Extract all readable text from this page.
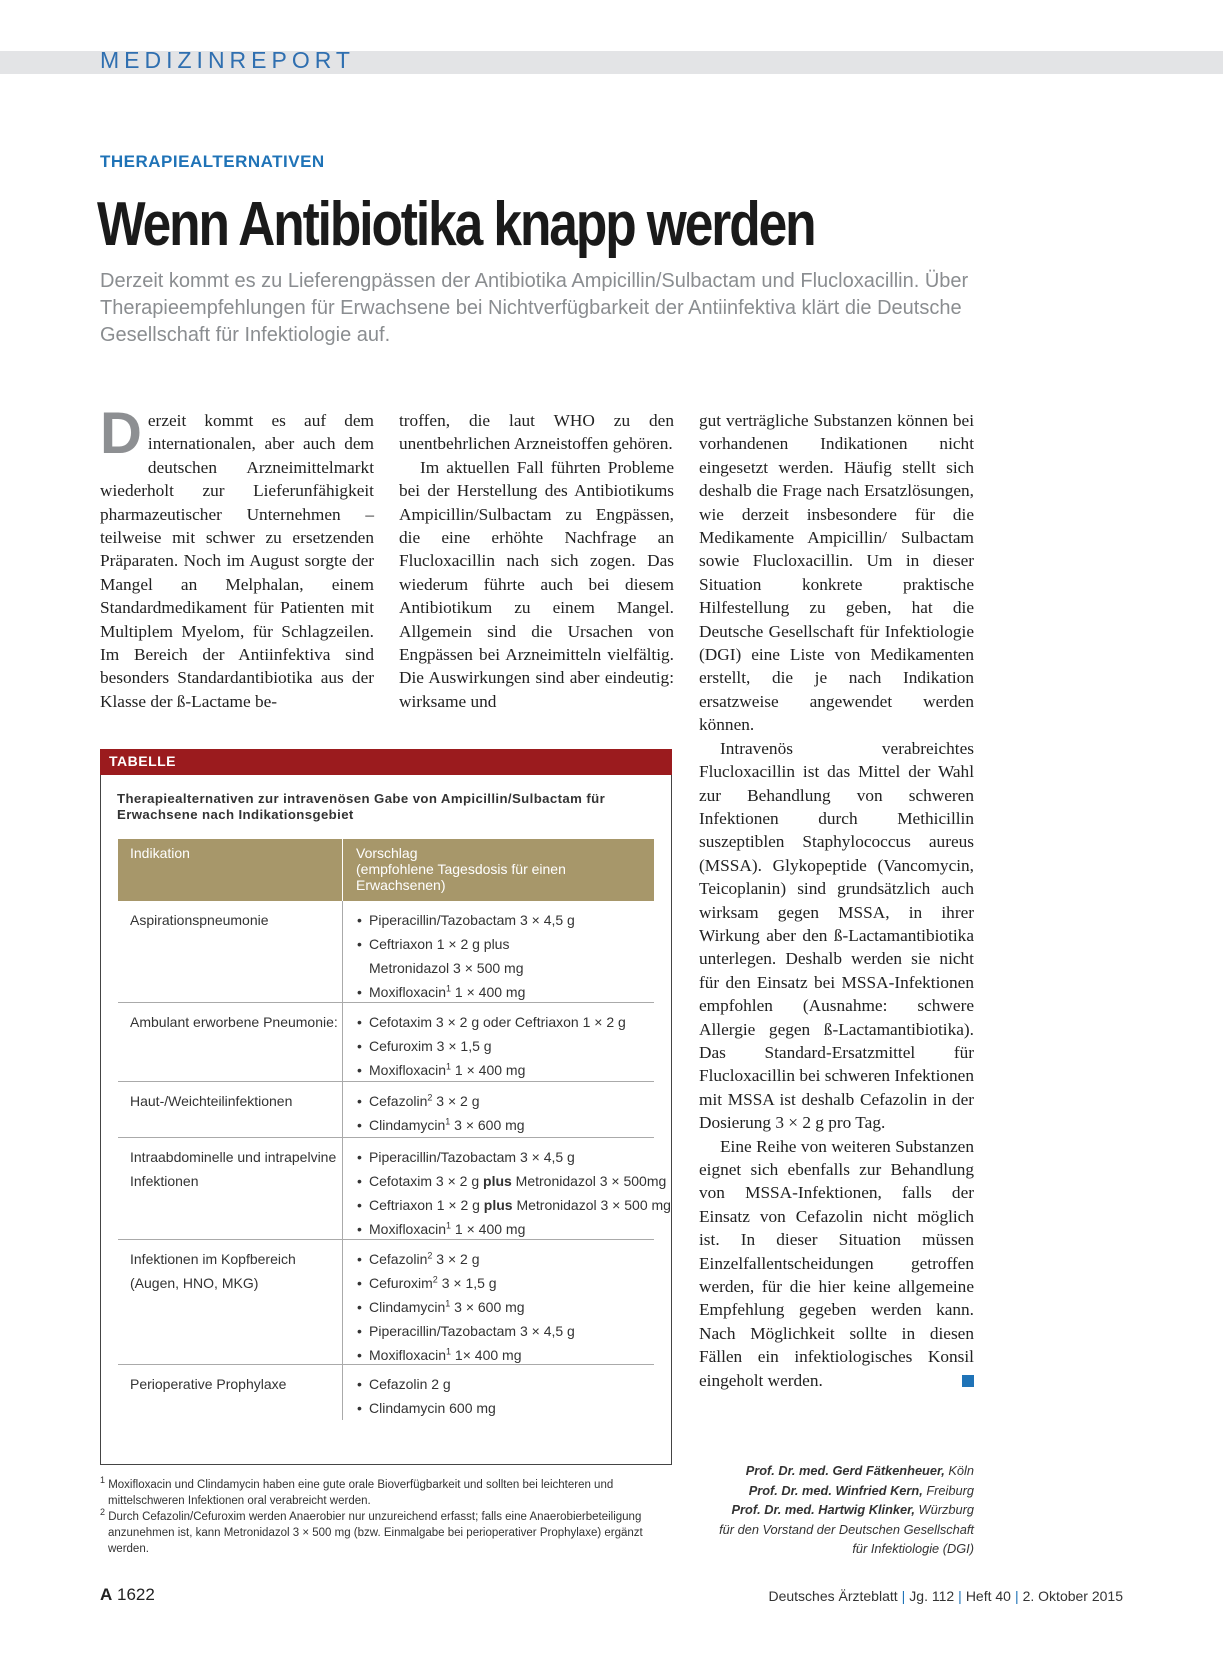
MEDIZINREPORT
THERAPIEALTERNATIVEN
Wenn Antibiotika knapp werden

Derzeit kommt es zu Lieferengpässen der Antibiotika Ampicillin/Sulbactam und Flucloxacillin. Über Therapieempfehlungen für Erwachsene bei Nichtverfügbarkeit der Antiinfektiva klärt die Deutsche Gesellschaft für Infektiologie auf.

Derzeit kommt es auf dem internationalen, aber auch dem deutschen Arzneimittelmarkt wiederholt zur Lieferunfähigkeit pharmazeutischer Unternehmen – teilweise mit schwer zu ersetzenden Präparaten. Noch im August sorgte der Mangel an Melphalan, einem Standardmedikament für Patienten mit Multiplem Myelom, für Schlagzeilen. Im Bereich der Antiinfektiva sind besonders Standardantibiotika aus der Klasse der ß-Lactame be-

troffen, die laut WHO zu den unentbehrlichen Arzneistoffen gehören.

Im aktuellen Fall führten Probleme bei der Herstellung des Antibiotikums Ampicillin/Sulbactam zu Engpässen, die eine erhöhte Nachfrage an Flucloxacillin nach sich zogen. Das wiederum führte auch bei diesem Antibiotikum zu einem Mangel. Allgemein sind die Ursachen von Engpässen bei Arzneimitteln vielfältig. Die Auswirkungen sind aber eindeutig: wirksame und

gut verträgliche Substanzen können bei vorhandenen Indikationen nicht eingesetzt werden. Häufig stellt sich deshalb die Frage nach Ersatzlösungen, wie derzeit insbesondere für die Medikamente Ampicillin/ Sulbactam sowie Flucloxacillin. Um in dieser Situation konkrete praktische Hilfestellung zu geben, hat die Deutsche Gesellschaft für Infektiologie (DGI) eine Liste von Medikamenten erstellt, die je nach Indikation ersatzweise angewendet werden können.

Intravenös verabreichtes Flucloxacillin ist das Mittel der Wahl zur Behandlung von schweren Infektionen durch Methicillin suszeptiblen Staphylococcus aureus (MSSA). Glykopeptide (Vancomycin, Teicoplanin) sind grundsätzlich auch wirksam gegen MSSA, in ihrer Wirkung aber den ß-Lactamantibiotika unterlegen. Deshalb werden sie nicht für den Einsatz bei MSSA-Infektionen empfohlen (Ausnahme: schwere Allergie gegen ß-Lactamantibiotika). Das Standard-Ersatzmittel für Flucloxacillin bei schweren Infektionen mit MSSA ist deshalb Cefazolin in der Dosierung 3 × 2 g pro Tag.

Eine Reihe von weiteren Substanzen eignet sich ebenfalls zur Behandlung von MSSA-Infektionen, falls der Einsatz von Cefazolin nicht möglich ist. In dieser Situation müssen Einzelfallentscheidungen getroffen werden, für die hier keine allgemeine Empfehlung gegeben werden kann. Nach Möglichkeit sollte in diesen Fällen ein infektiologisches Konsil eingeholt werden.

Prof. Dr. med. Gerd Fätkenheuer, Köln
Prof. Dr. med. Winfried Kern, Freiburg
Prof. Dr. med. Hartwig Klinker, Würzburg
für den Vorstand der Deutschen Gesellschaft
für Infektiologie (DGI)
TABELLE
Therapiealternativen zur intravenösen Gabe von Ampicillin/Sulbactam für Erwachsene nach Indikationsgebiet
Indikation	Vorschlag
(empfohlene Tagesdosis für einen Erwachsenen)
Aspirationspneumonie	• Piperacillin/Tazobactam 3 × 4,5 g
• Ceftriaxon 1 × 2 g plus
Metronidazol 3 × 500 mg
• Moxifloxacin$^1$ 1 × 400 mg
Ambulant erworbene Pneumonie:	• Cefotaxim 3 × 2 g oder Ceftriaxon 1 × 2 g
• Cefuroxim 3 × 1,5 g
• Moxifloxacin$^1$ 1 × 400 mg
Haut-/Weichteilinfektionen	• Cefazolin$^2$ 3 × 2 g
• Clindamycin$^1$ 3 × 600 mg
Intraabdominelle und intrapelvine Infektionen
• Piperacillin/Tazobactam 3 × 4,5 g
• Cefotaxim 3 × 2 g plus Metronidazol 3 × 500mg
• Ceftriaxon 1 × 2 g plus Metronidazol 3 × 500 mg
• Moxifloxacin$^1$ 1 × 400 mg
Infektionen im Kopfbereich (Augen, HNO, MKG)
• Cefazolin$^2$ 3 × 2 g
• Cefuroxim$^2$ 3 × 1,5 g
• Clindamycin$^1$ 3 × 600 mg
• Piperacillin/Tazobactam 3 × 4,5 g
• Moxifloxacin$^1$ 1× 400 mg
Perioperative Prophylaxe	• Cefazolin 2 g
• Clindamycin 600 mg

$^1$ Moxifloxacin und Clindamycin haben eine gute orale Bioverfügbarkeit und sollten bei leichteren und mittelschweren Infektionen oral verabreicht werden.

$^2$ Durch Cefazolin/Cefuroxim werden Anaerobier nur unzureichend erfasst; falls eine Anaerobierbeteiligung anzunehmen ist, kann Metronidazol 3 × 500 mg (bzw. Einmalgabe bei perioperativer Prophylaxe) ergänzt werden.

A 1622	Deutsches Ärzteblatt | Jg. 112 | Heft 40 | 2. Oktober 2015
